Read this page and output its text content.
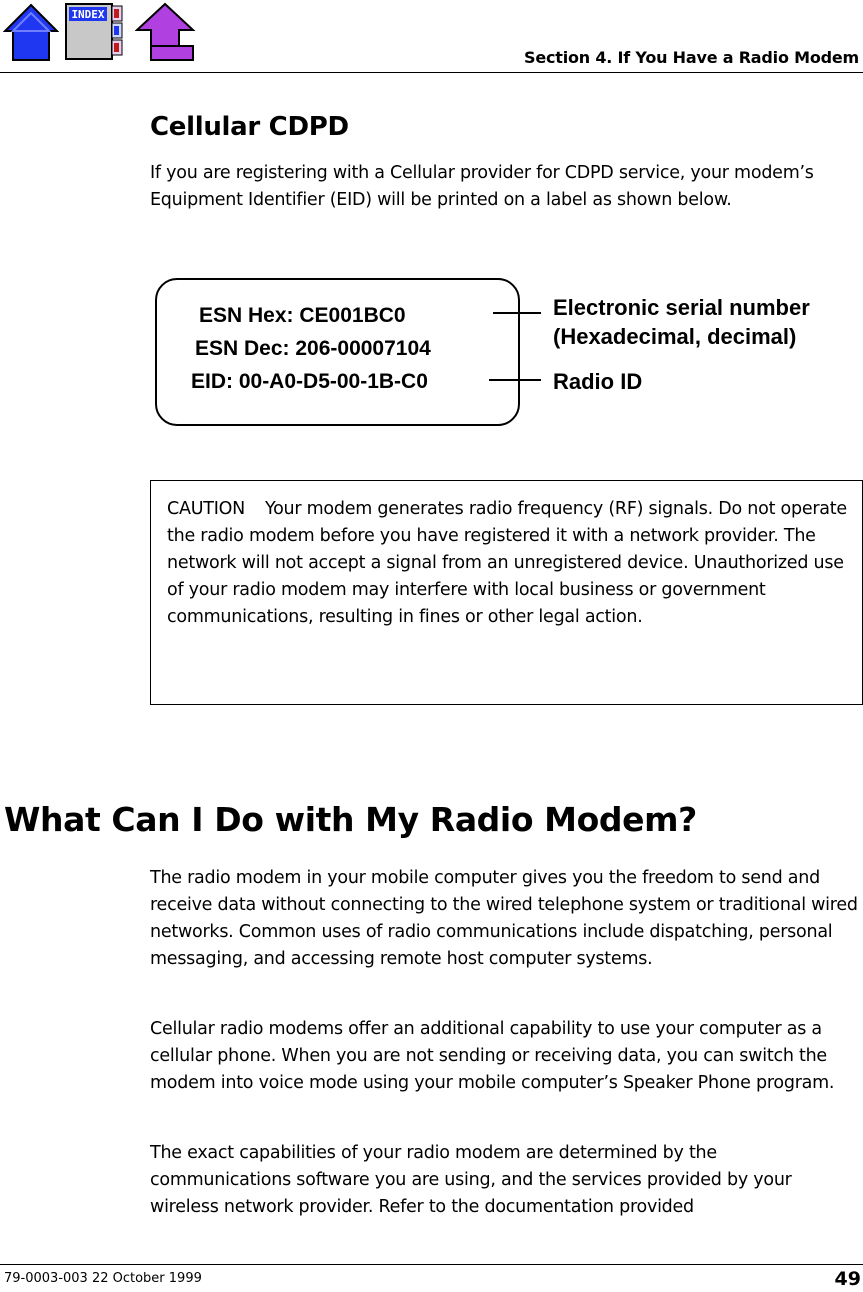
INDEX
Section 4. If You Have a Radio Modem
Cellular CDPD
If you are registering with a Cellular provider for CDPD service, your modem’s Equipment Identifier (EID) will be printed on a label as shown below.
ESN Hex: CE001BC0
ESN Dec: 206-00007104
EID: 00-A0-D5-00-1B-C0
Electronic serial number
(Hexadecimal, decimal)
Radio ID
CAUTION Your modem generates radio frequency (RF) signals. Do not operate the radio modem before you have registered it with a network provider. The network will not accept a signal from an unregistered device. Unauthorized use of your radio modem may interfere with local business or government communications, resulting in fines or other legal action.
What Can I Do with My Radio Modem?
The radio modem in your mobile computer gives you the freedom to send and receive data without connecting to the wired telephone system or traditional wired networks. Common uses of radio communications include dispatching, personal messaging, and accessing remote host computer systems.
Cellular radio modems offer an additional capability to use your computer as a cellular phone. When you are not sending or receiving data, you can switch the modem into voice mode using your mobile computer’s Speaker Phone program.
The exact capabilities of your radio modem are determined by the communications software you are using, and the services provided by your wireless network provider. Refer to the documentation provided
79-0003-003 22 October 1999	49
